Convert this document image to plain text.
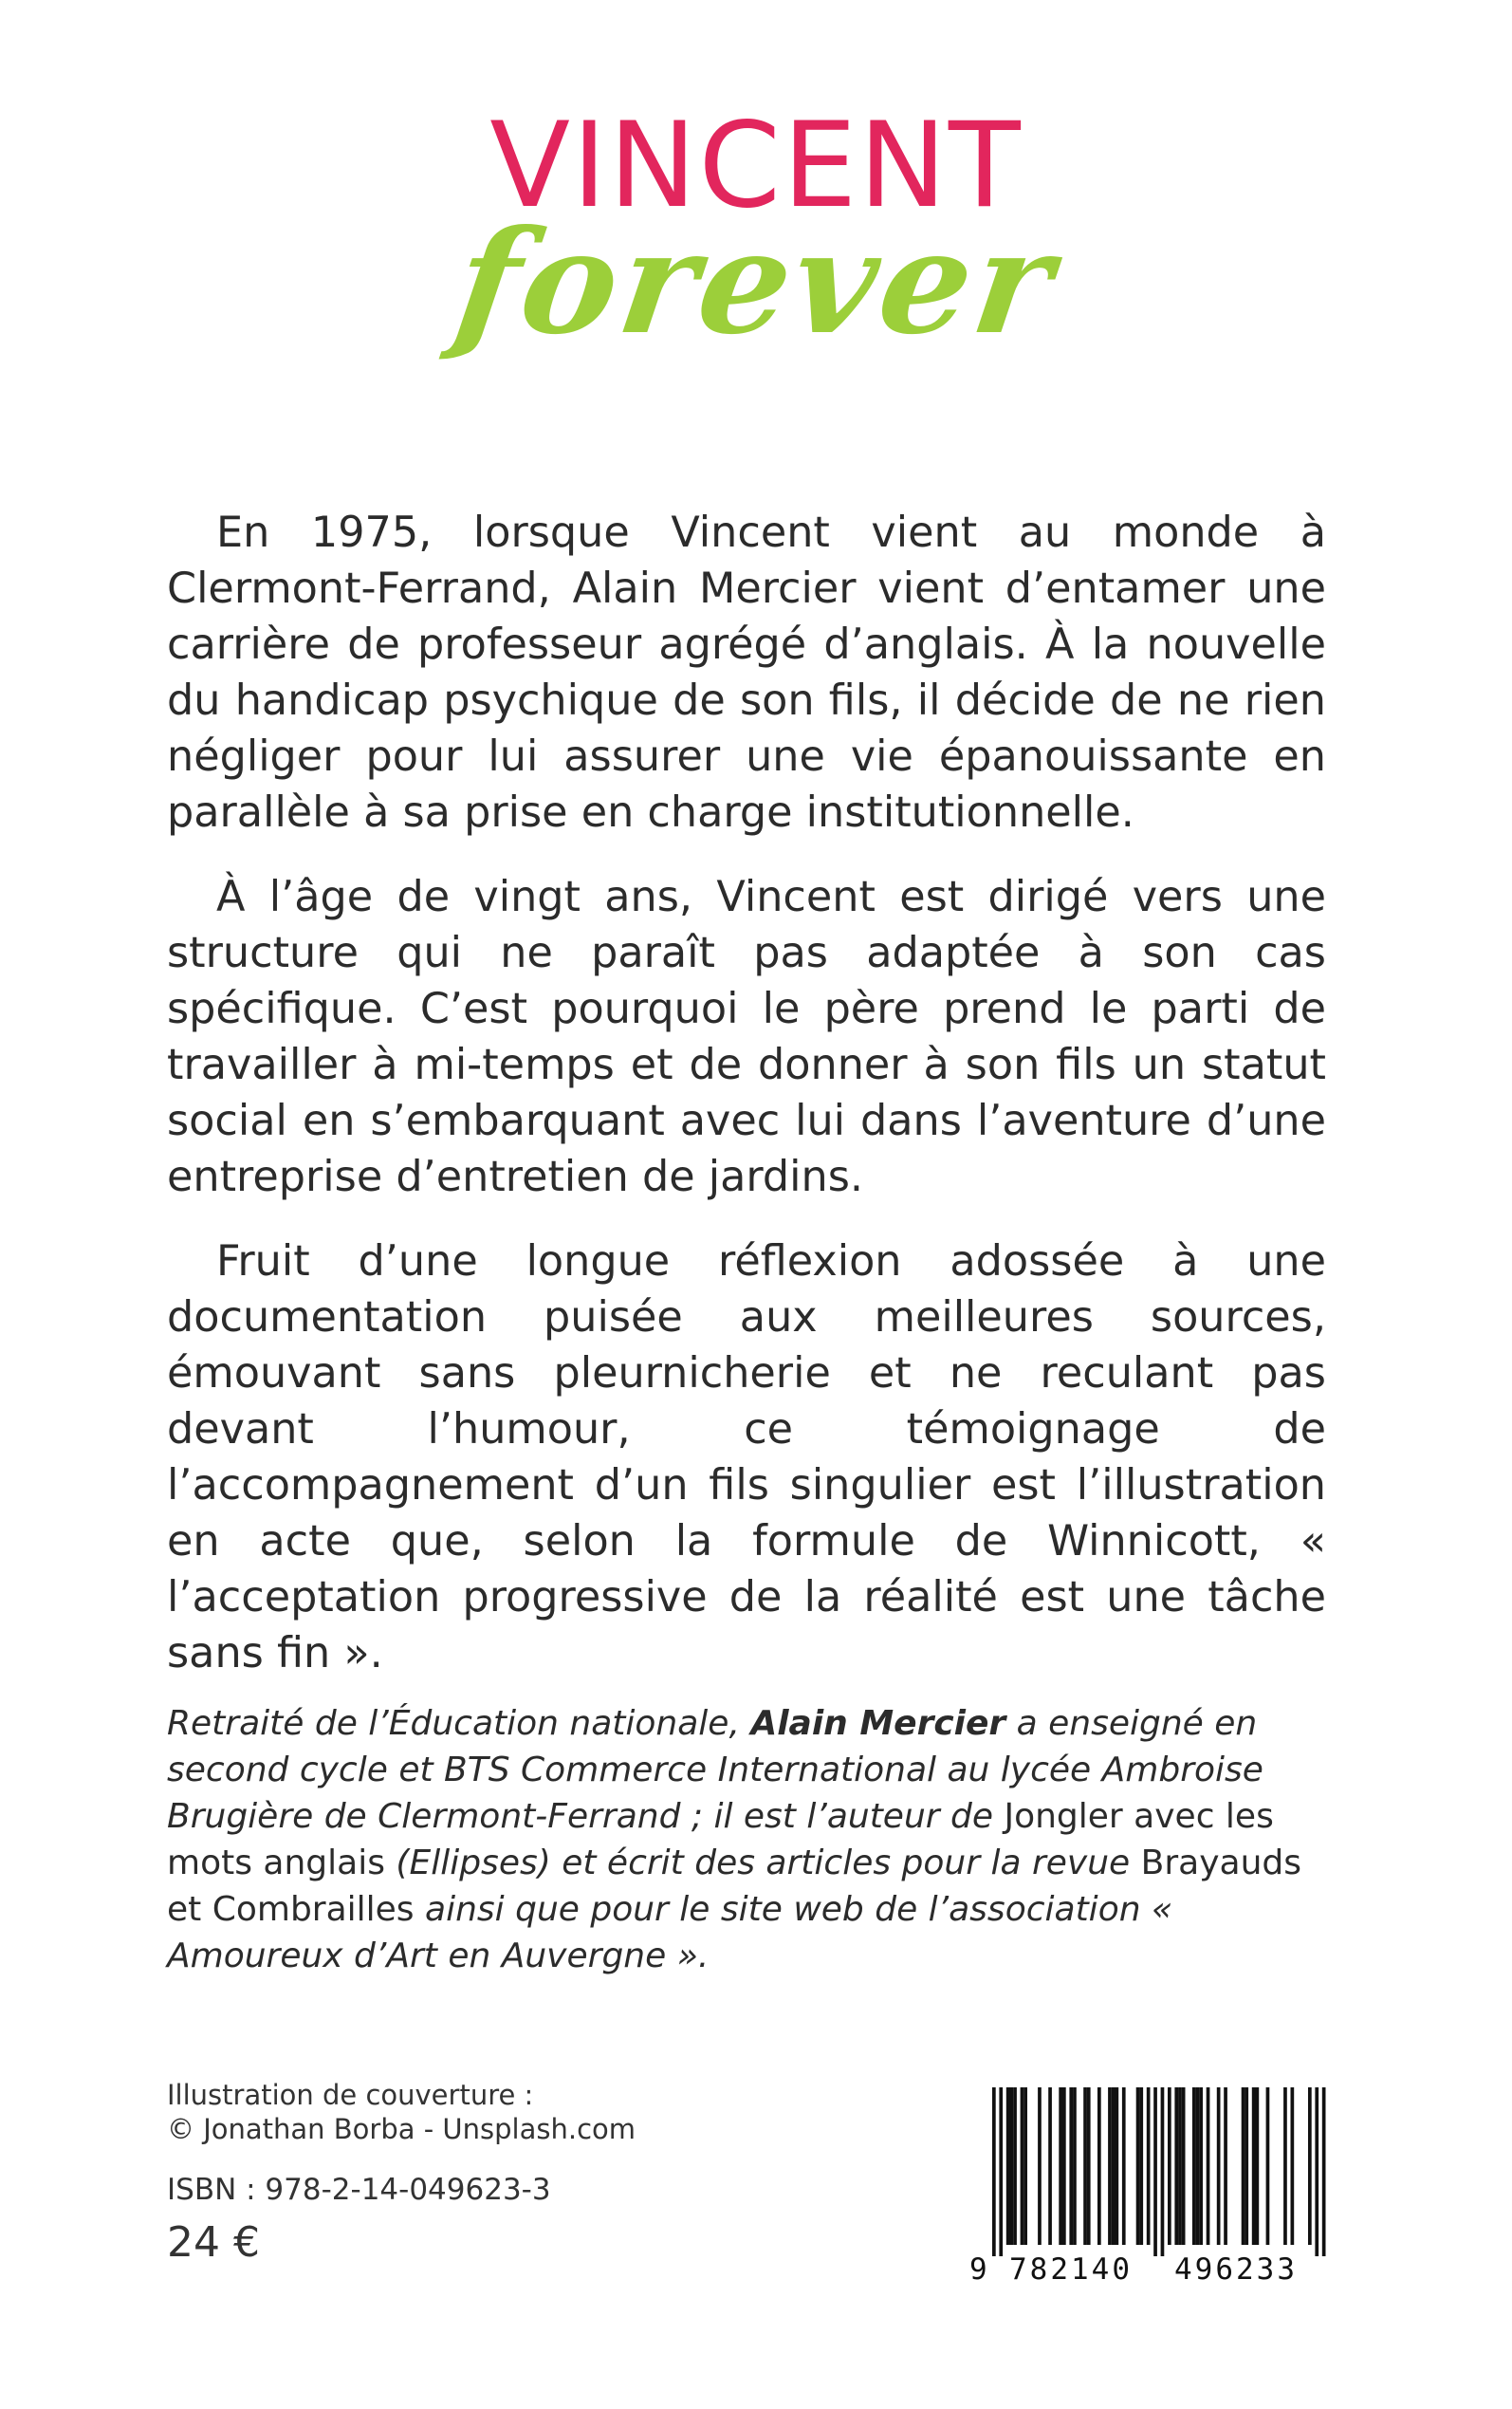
VINCENT
forever

En 1975, lorsque Vincent vient au monde à Clermont-Ferrand, Alain Mercier vient d’entamer une carrière de professeur agrégé d’anglais. À la nouvelle du handicap psychique de son fils, il décide de ne rien négliger pour lui assurer une vie épanouissante en parallèle à sa prise en charge institutionnelle.

À l’âge de vingt ans, Vincent est dirigé vers une structure qui ne paraît pas adaptée à son cas spécifique. C’est pourquoi le père prend le parti de travailler à mi-temps et de donner à son fils un statut social en s’embarquant avec lui dans l’aventure d’une entreprise d’entretien de jardins.

Fruit d’une longue réflexion adossée à une documentation puisée aux meilleures sources, émouvant sans pleurnicherie et ne reculant pas devant l’humour, ce témoignage de l’accompagnement d’un fils singulier est l’illustration en acte que, selon la formule de Winnicott, « l’acceptation progressive de la réalité est une tâche sans fin ».

Retraité de l’Éducation nationale, Alain Mercier a enseigné en second cycle et BTS Commerce International au lycée Ambroise Brugière de Clermont-Ferrand ; il est l’auteur de Jongler avec les mots anglais (Ellipses) et écrit des articles pour la revue Brayauds et Combrailles ainsi que pour le site web de l’association « Amoureux d’Art en Auvergne ».
Illustration de couverture :
© Jonathan Borba - Unsplash.com
ISBN : 978-2-14-049623-3
24 €
9 782140 496233
